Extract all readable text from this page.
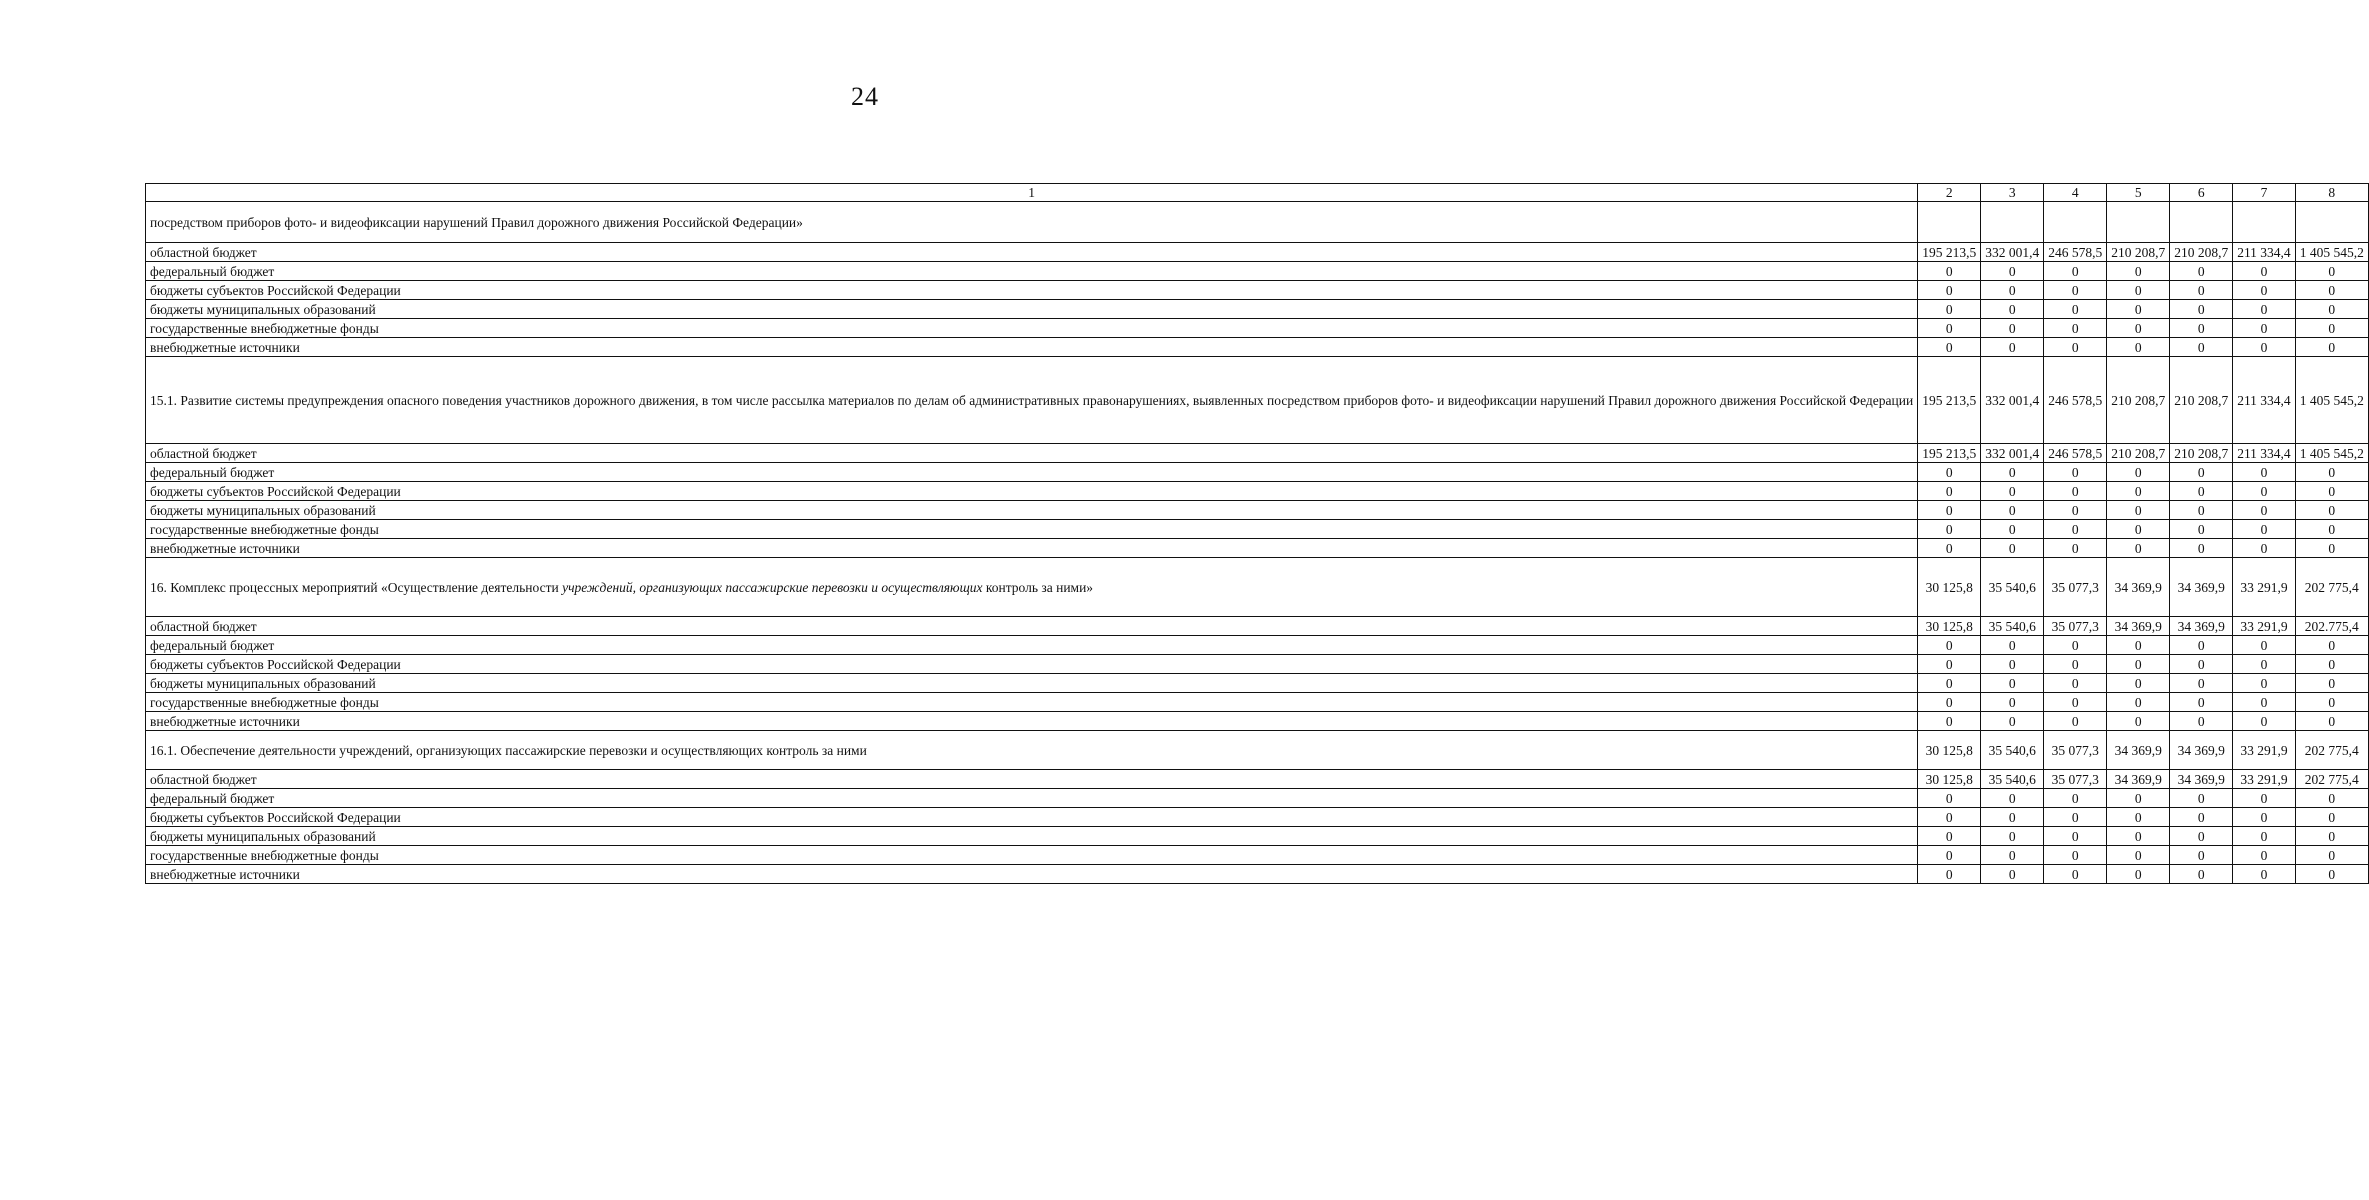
24
1	2	3	4	5	6	7	8
посредством приборов фото- и видеофиксации нарушений Правил дорожного движения Российской Федерации»							
областной бюджет	195 213,5	332 001,4	246 578,5	210 208,7	210 208,7	211 334,4	1 405 545,2
федеральный бюджет	0	0	0	0	0	0	0
бюджеты субъектов Российской Федерации	0	0	0	0	0	0	0
бюджеты муниципальных образований	0	0	0	0	0	0	0
государственные внебюджетные фонды	0	0	0	0	0	0	0
внебюджетные источники	0	0	0	0	0	0	0
15.1. Развитие системы предупреждения опасного поведения участников дорожного движения, в том числе рассылка материалов по делам об административных правонарушениях, выявленных посредством приборов фото- и видеофиксации нарушений Правил дорожного движения Российской Федерации	195 213,5	332 001,4	246 578,5	210 208,7	210 208,7	211 334,4	1 405 545,2
областной бюджет	195 213,5	332 001,4	246 578,5	210 208,7	210 208,7	211 334,4	1 405 545,2
федеральный бюджет	0	0	0	0	0	0	0
бюджеты субъектов Российской Федерации	0	0	0	0	0	0	0
бюджеты муниципальных образований	0	0	0	0	0	0	0
государственные внебюджетные фонды	0	0	0	0	0	0	0
внебюджетные источники	0	0	0	0	0	0	0
16. Комплекс процессных мероприятий «Осуществление деятельности учреждений, организующих пассажирские перевозки и осуществляющих контроль за ними»	30 125,8	35 540,6	35 077,3	34 369,9	34 369,9	33 291,9	202 775,4
областной бюджет	30 125,8	35 540,6	35 077,3	34 369,9	34 369,9	33 291,9	202.775,4
федеральный бюджет	0	0	0	0	0	0	0
бюджеты субъектов Российской Федерации	0	0	0	0	0	0	0
бюджеты муниципальных образований	0	0	0	0	0	0	0
государственные внебюджетные фонды	0	0	0	0	0	0	0
внебюджетные источники	0	0	0	0	0	0	0
16.1. Обеспечение деятельности учреждений, организующих пассажирские перевозки и осуществляющих контроль за ними	30 125,8	35 540,6	35 077,3	34 369,9	34 369,9	33 291,9	202 775,4
областной бюджет	30 125,8	35 540,6	35 077,3	34 369,9	34 369,9	33 291,9	202 775,4
федеральный бюджет	0	0	0	0	0	0	0
бюджеты субъектов Российской Федерации	0	0	0	0	0	0	0
бюджеты муниципальных образований	0	0	0	0	0	0	0
государственные внебюджетные фонды	0	0	0	0	0	0	0
внебюджетные источники	0	0	0	0	0	0	0
